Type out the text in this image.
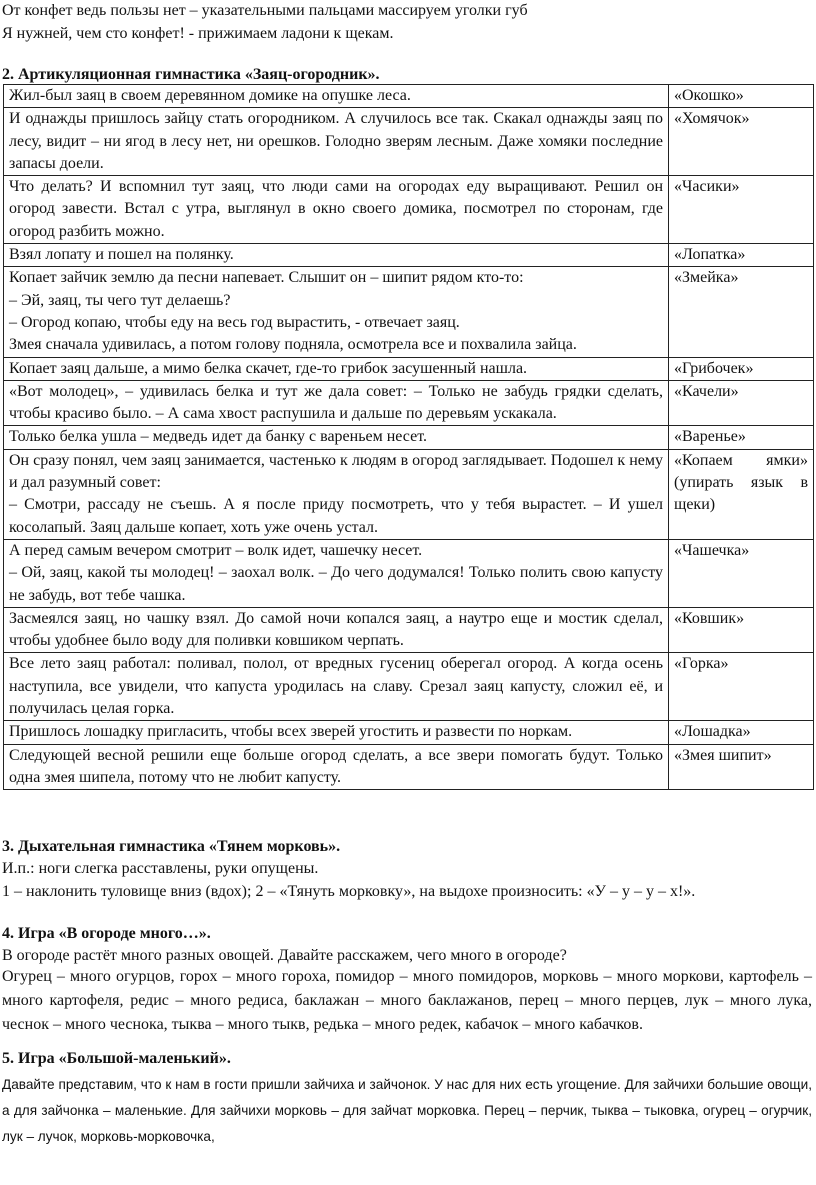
От конфет ведь пользы нет – указательными пальцами массируем уголки губ
Я нужней, чем сто конфет! - прижимаем ладони к щекам.
2. Артикуляционная гимнастика «Заяц-огородник».
Жил-был заяц в своем деревянном домике на опушке леса.	«Окошко»
И однажды пришлось зайцу стать огородником. А случилось все так. Скакал однажды заяц по лесу, видит – ни ягод в лесу нет, ни орешков. Голодно зверям лесным. Даже хомяки последние запасы доели.	«Хомячок»
Что делать? И вспомнил тут заяц, что люди сами на огородах еду выращивают. Решил он огород завести. Встал с утра, выглянул в окно своего домика, посмотрел по сторонам, где огород разбить можно.	«Часики»
Взял лопату и пошел на полянку.	«Лопатка»
Копает зайчик землю да песни напевает. Слышит он – шипит рядом кто-то:
– Эй, заяц, ты чего тут делаешь?
– Огород копаю, чтобы еду на весь год вырастить, - отвечает заяц.
Змея сначала удивилась, а потом голову подняла, осмотрела все и похвалила зайца.	«Змейка»
Копает заяц дальше, а мимо белка скачет, где-то грибок засушенный нашла.	«Грибочек»
«Вот молодец», – удивилась белка и тут же дала совет: – Только не забудь грядки сделать, чтобы красиво было. – А сама хвост распушила и дальше по деревьям ускакала.	«Качели»
Только белка ушла – медведь идет да банку с вареньем несет.	«Варенье»
Он сразу понял, чем заяц занимается, частенько к людям в огород заглядывает. Подошел к нему и дал разумный совет:
– Смотри, рассаду не съешь. А я после приду посмотреть, что у тебя вырастет. – И ушел косолапый. Заяц дальше копает, хоть уже очень устал.	«Копаем ямки» (упирать язык в щеки)
А перед самым вечером смотрит – волк идет, чашечку несет.
– Ой, заяц, какой ты молодец! – заохал волк. – До чего додумался! Только полить свою капусту не забудь, вот тебе чашка.	«Чашечка»
Засмеялся заяц, но чашку взял. До самой ночи копался заяц, а наутро еще и мостик сделал, чтобы удобнее было воду для поливки ковшиком черпать.	«Ковшик»
Все лето заяц работал: поливал, полол, от вредных гусениц оберегал огород. А когда осень наступила, все увидели, что капуста уродилась на славу. Срезал заяц капусту, сложил её, и получилась целая горка.	«Горка»
Пришлось лошадку пригласить, чтобы всех зверей угостить и развести по норкам.	«Лошадка»
Следующей весной решили еще больше огород сделать, а все звери помогать будут. Только одна змея шипела, потому что не любит капусту.	«Змея шипит»
3. Дыхательная гимнастика «Тянем морковь».
И.п.: ноги слегка расставлены, руки опущены.
1 – наклонить туловище вниз (вдох); 2 – «Тянуть морковку», на выдохе произносить: «У – у – у – х!».
4. Игра «В огороде много…».
В огороде растёт много разных овощей. Давайте расскажем, чего много в огороде?
Огурец – много огурцов, горох – много гороха, помидор – много помидоров, морковь – много моркови, картофель – много картофеля, редис – много редиса, баклажан – много баклажанов, перец – много перцев, лук – много лука, чеснок – много чеснока, тыква – много тыкв, редька – много редек, кабачок – много кабачков.
5. Игра «Большой-маленький».
Давайте представим, что к нам в гости пришли зайчиха и зайчонок. У нас для них есть угощение. Для зайчихи большие овощи, а для зайчонка – маленькие. Для зайчихи морковь – для зайчат морковка. Перец – перчик, тыква – тыковка, огурец – огурчик, лук – лучок, морковь-морковочка,
